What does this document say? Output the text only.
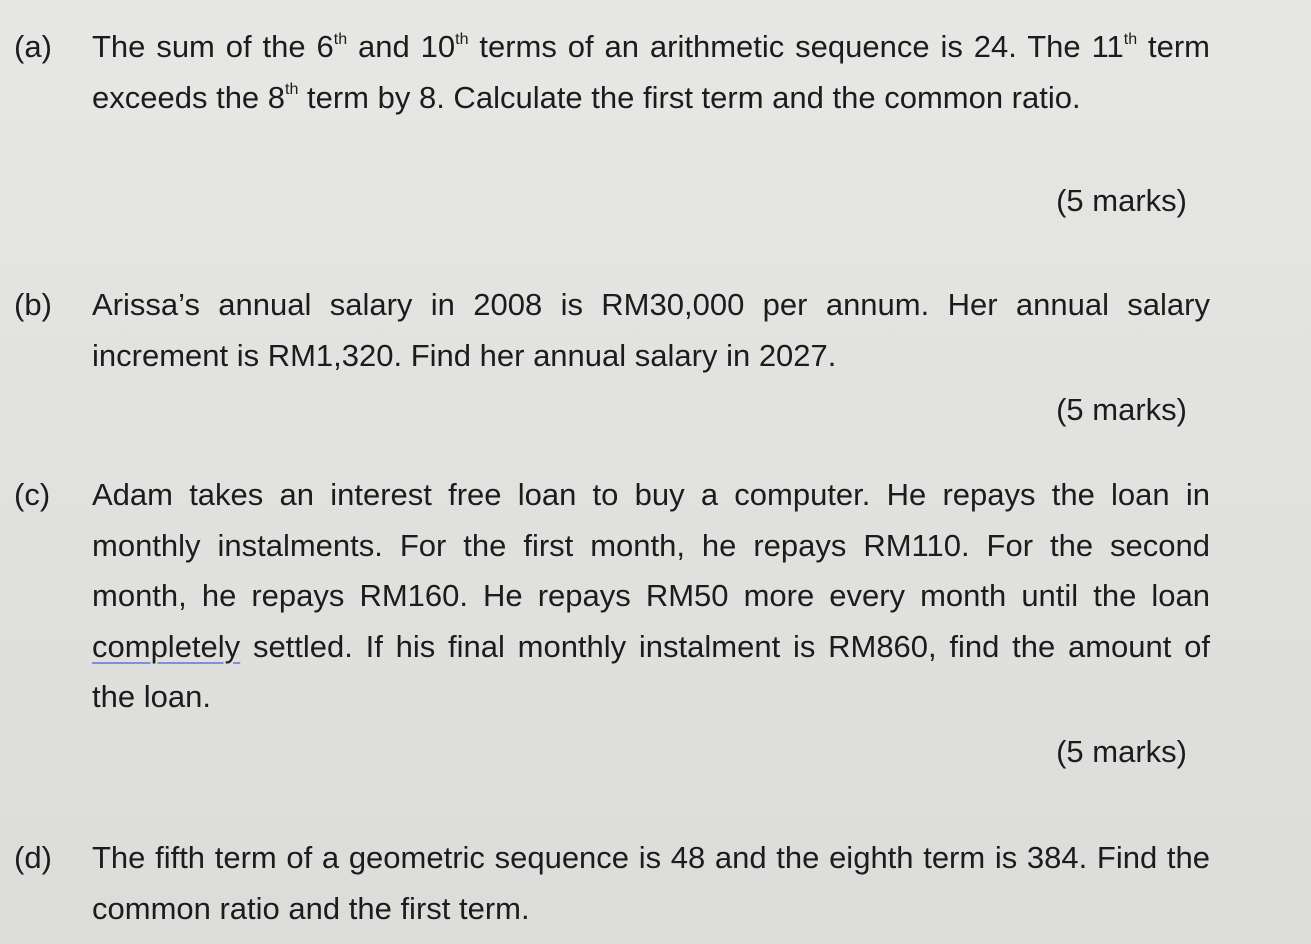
(a) The sum of the 6th and 10th terms of an arithmetic sequence is 24. The 11th term exceeds the 8th term by 8. Calculate the first term and the common ratio.
(5 marks)
(b) Arissa’s annual salary in 2008 is RM30,000 per annum. Her annual salary increment is RM1,320. Find her annual salary in 2027.
(5 marks)
(c) Adam takes an interest free loan to buy a computer. He repays the loan in monthly instalments. For the first month, he repays RM110. For the second month, he repays RM160. He repays RM50 more every month until the loan completely settled. If his final monthly instalment is RM860, find the amount of the loan.
(5 marks)
(d) The fifth term of a geometric sequence is 48 and the eighth term is 384. Find the common ratio and the first term.
